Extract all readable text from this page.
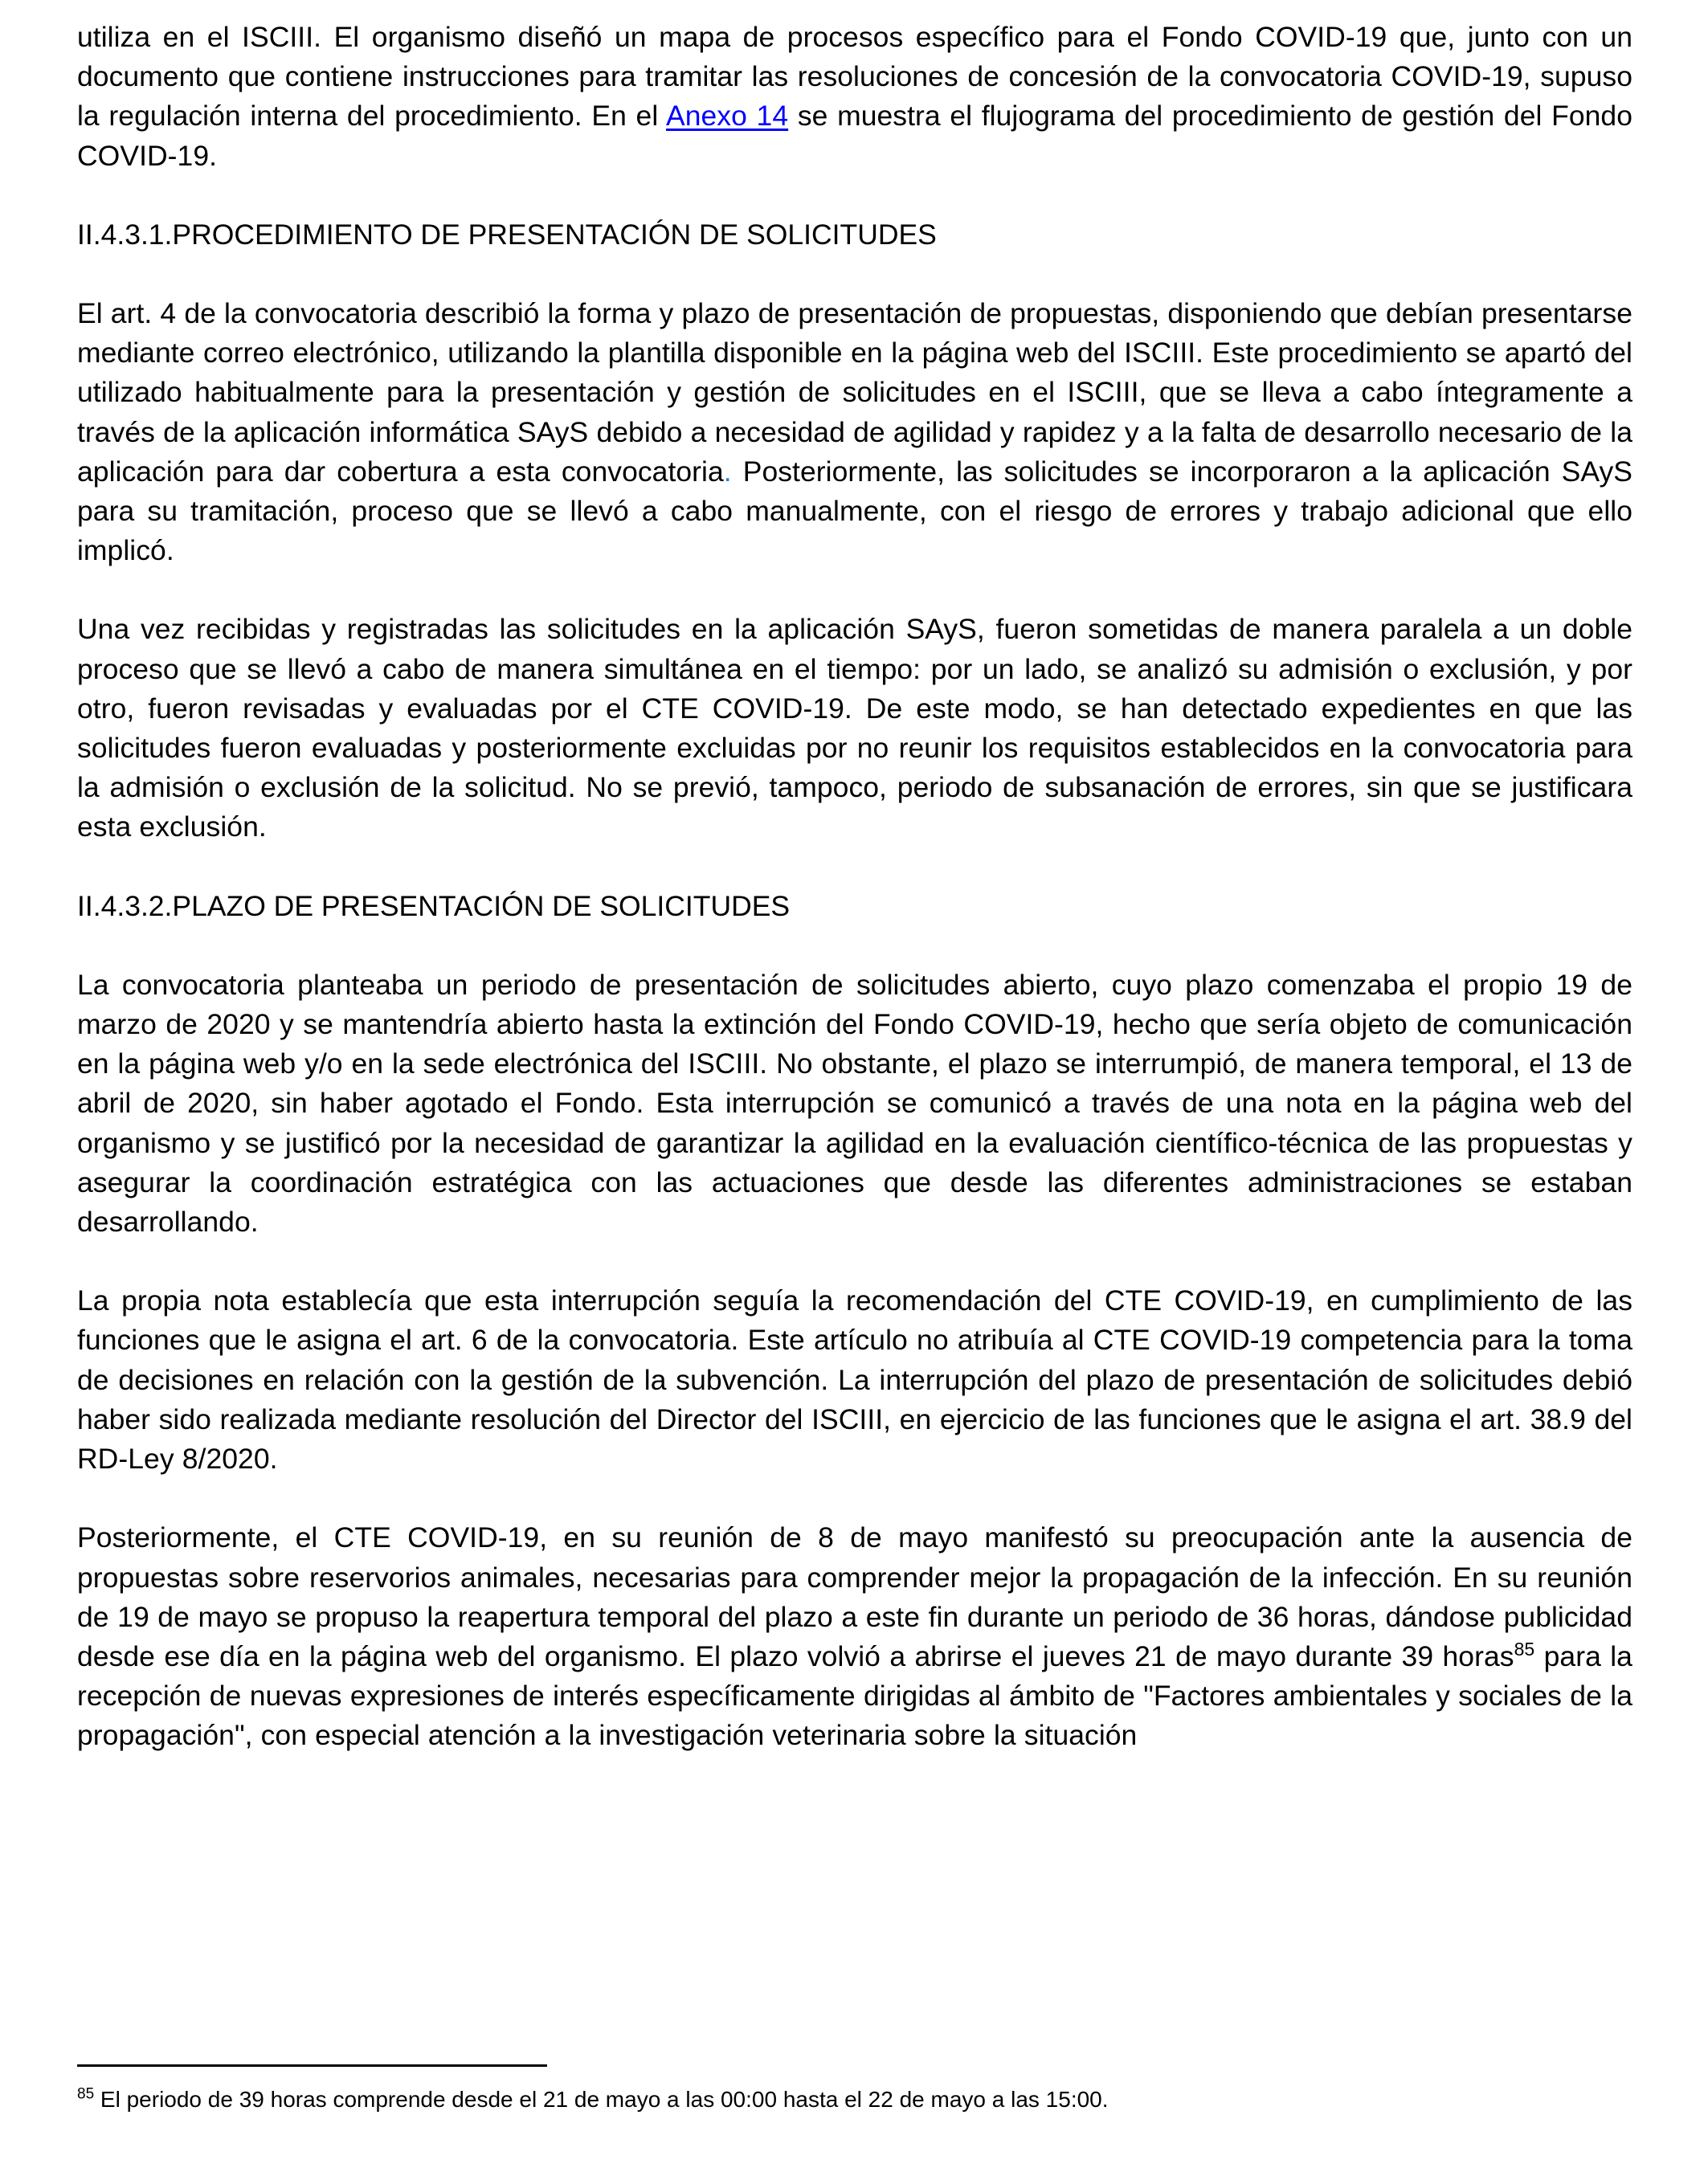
utiliza en el ISCIII. El organismo diseñó un mapa de procesos específico para el Fondo COVID-19 que, junto con un documento que contiene instrucciones para tramitar las resoluciones de concesión de la convocatoria COVID-19, supuso la regulación interna del procedimiento. En el Anexo 14 se muestra el flujograma del procedimiento de gestión del Fondo COVID-19.

II.4.3.1.PROCEDIMIENTO DE PRESENTACIÓN DE SOLICITUDES

El art. 4 de la convocatoria describió la forma y plazo de presentación de propuestas, disponiendo que debían presentarse mediante correo electrónico, utilizando la plantilla disponible en la página web del ISCIII. Este procedimiento se apartó del utilizado habitualmente para la presentación y gestión de solicitudes en el ISCIII, que se lleva a cabo íntegramente a través de la aplicación informática SAyS debido a necesidad de agilidad y rapidez y a la falta de desarrollo necesario de la aplicación para dar cobertura a esta convocatoria. Posteriormente, las solicitudes se incorporaron a la aplicación SAyS para su tramitación, proceso que se llevó a cabo manualmente, con el riesgo de errores y trabajo adicional que ello implicó.

Una vez recibidas y registradas las solicitudes en la aplicación SAyS, fueron sometidas de manera paralela a un doble proceso que se llevó a cabo de manera simultánea en el tiempo: por un lado, se analizó su admisión o exclusión, y por otro, fueron revisadas y evaluadas por el CTE COVID-19. De este modo, se han detectado expedientes en que las solicitudes fueron evaluadas y posteriormente excluidas por no reunir los requisitos establecidos en la convocatoria para la admisión o exclusión de la solicitud. No se previó, tampoco, periodo de subsanación de errores, sin que se justificara esta exclusión.

II.4.3.2.PLAZO DE PRESENTACIÓN DE SOLICITUDES

La convocatoria planteaba un periodo de presentación de solicitudes abierto, cuyo plazo comenzaba el propio 19 de marzo de 2020 y se mantendría abierto hasta la extinción del Fondo COVID-19, hecho que sería objeto de comunicación en la página web y/o en la sede electrónica del ISCIII. No obstante, el plazo se interrumpió, de manera temporal, el 13 de abril de 2020, sin haber agotado el Fondo. Esta interrupción se comunicó a través de una nota en la página web del organismo y se justificó por la necesidad de garantizar la agilidad en la evaluación científico-técnica de las propuestas y asegurar la coordinación estratégica con las actuaciones que desde las diferentes administraciones se estaban desarrollando.

La propia nota establecía que esta interrupción seguía la recomendación del CTE COVID-19, en cumplimiento de las funciones que le asigna el art. 6 de la convocatoria. Este artículo no atribuía al CTE COVID-19 competencia para la toma de decisiones en relación con la gestión de la subvención. La interrupción del plazo de presentación de solicitudes debió haber sido realizada mediante resolución del Director del ISCIII, en ejercicio de las funciones que le asigna el art. 38.9 del RD-Ley 8/2020.

Posteriormente, el CTE COVID-19, en su reunión de 8 de mayo manifestó su preocupación ante la ausencia de propuestas sobre reservorios animales, necesarias para comprender mejor la propagación de la infección. En su reunión de 19 de mayo se propuso la reapertura temporal del plazo a este fin durante un periodo de 36 horas, dándose publicidad desde ese día en la página web del organismo. El plazo volvió a abrirse el jueves 21 de mayo durante 39 horas$^{85}$ para la recepción de nuevas expresiones de interés específicamente dirigidas al ámbito de "Factores ambientales y sociales de la propagación", con especial atención a la investigación veterinaria sobre la situación

$^{85}$ El periodo de 39 horas comprende desde el 21 de mayo a las 00:00 hasta el 22 de mayo a las 15:00.
